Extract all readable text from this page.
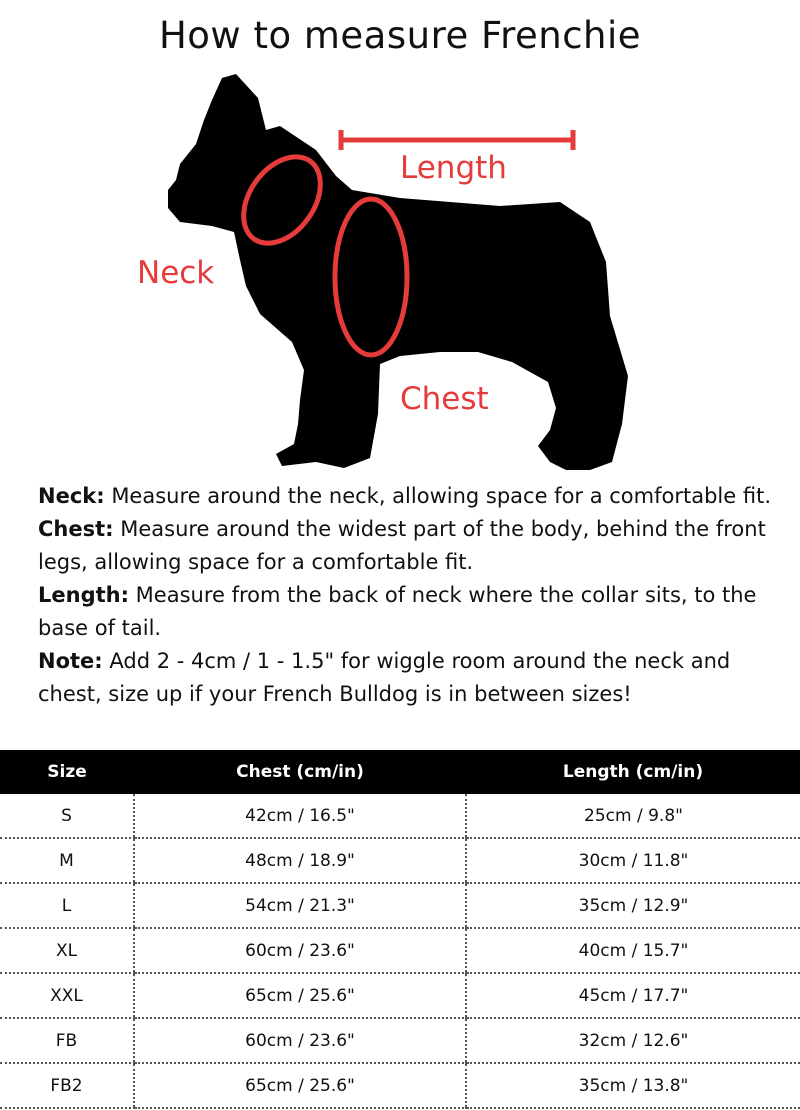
How to measure Frenchie
Length
Neck
Chest

Neck: Measure around the neck, allowing space for a comfortable fit.

Chest: Measure around the widest part of the body, behind the front legs, allowing space for a comfortable fit.

Length: Measure from the back of neck where the collar sits, to the base of tail.

Note: Add 2 - 4cm / 1 - 1.5" for wiggle room around the neck and chest, size up if your French Bulldog is in between sizes!

Size	Chest (cm/in)	Length (cm/in)
S	42cm / 16.5"	25cm / 9.8"
M	48cm / 18.9"	30cm / 11.8"
L	54cm / 21.3"	35cm / 12.9"
XL	60cm / 23.6"	40cm / 15.7"
XXL	65cm / 25.6"	45cm / 17.7"
FB	60cm / 23.6"	32cm / 12.6"
FB2	65cm / 25.6"	35cm / 13.8"
